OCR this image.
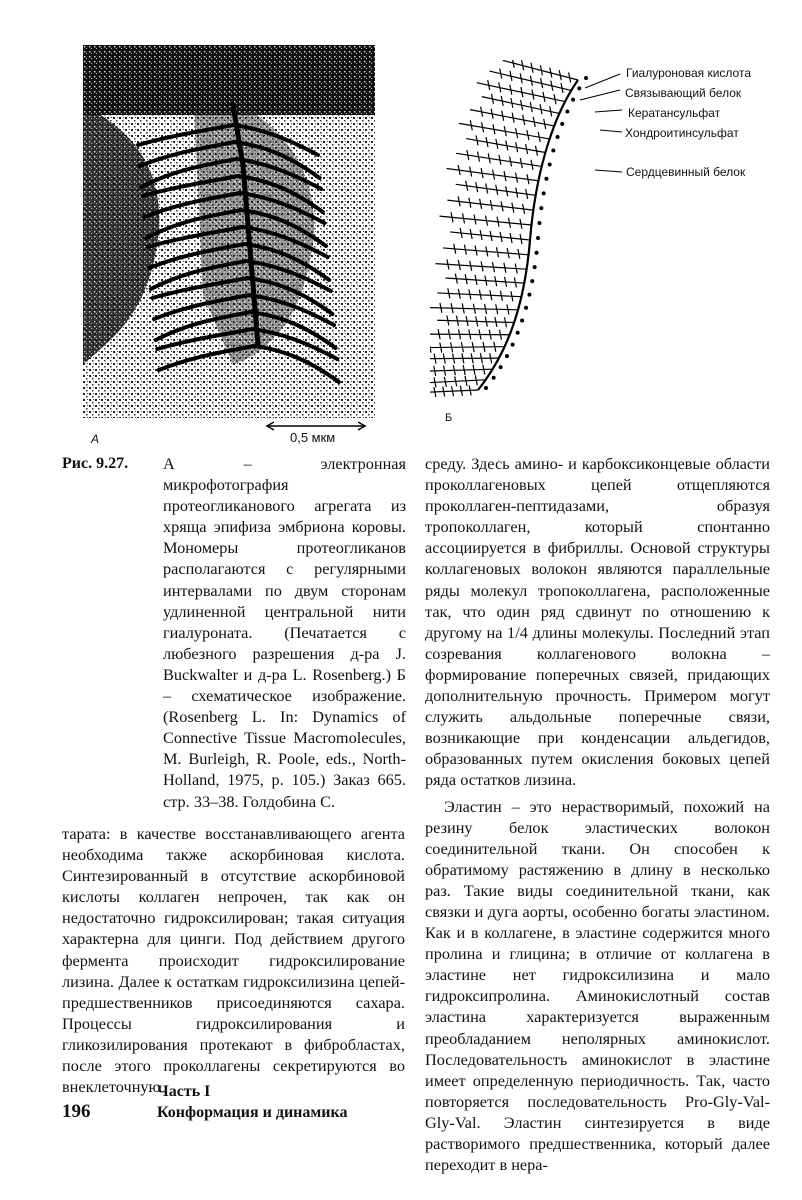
А	0,5 мкм
Гиалуроновая кислота
Связывающий белок
Кератансульфат
Хондроитинсульфат
Сердцевинный белок
Б
Рис. 9.27.	А – электронная микрофотография протеогликанового агрегата из хряща эпифиза эмбриона коровы. Мономеры протеогликанов располагаются с регулярными интервалами по двум сторонам удлиненной центральной нити гиалуроната. (Печатается с любезного разрешения д-ра J. Buckwalter и д-ра L. Rosenberg.) Б – схематическое изображение. (Rosenberg L. In: Dynamics of Connective Tissue Macromolecules, M. Burleigh, R. Poole, eds., North-Holland, 1975, p. 105.) Заказ 665. стр. 33–38. Голдобина С.

тарата: в качестве восстанавливающего агента необходима также аскорбиновая кислота. Синтезированный в отсутствие аскорбиновой кислоты коллаген непрочен, так как он недостаточно гидроксилирован; такая ситуация характерна для цинги. Под действием другого фермента происходит гидроксилирование лизина. Далее к остаткам гидроксилизина цепей-предшественников присоединяются сахара. Процессы гидроксилирования и гликозилирования протекают в фибробластах, после этого проколлагены секретируются во внеклеточную

среду. Здесь амино- и карбоксиконцевые области проколлагеновых цепей отщепляются проколлаген-пептидазами, образуя тропоколлаген, который спонтанно ассоциируется в фибриллы. Основой структуры коллагеновых волокон являются параллельные ряды молекул тропоколлагена, расположенные так, что один ряд сдвинут по отношению к другому на 1/4 длины молекулы. Последний этап созревания коллагенового волокна – формирование поперечных связей, придающих дополнительную прочность. Примером могут служить альдольные поперечные связи, возникающие при конденсации альдегидов, образованных путем окисления боковых цепей ряда остатков лизина.

Эластин – это нерастворимый, похожий на резину белок эластических волокон соединительной ткани. Он способен к обратимому растяжению в длину в несколько раз. Такие виды соединительной ткани, как связки и дуга аорты, особенно богаты эластином. Как и в коллагене, в эластине содержится много пролина и глицина; в отличие от коллагена в эластине нет гидроксилизина и мало гидроксипролина. Аминокислотный состав эластина характеризуется выраженным преобладанием неполярных аминокислот. Последовательность аминокислот в эластине имеет определенную периодичность. Так, часто повторяется последовательность Pro-Gly-Val-Gly-Val. Эластин синтезируется в виде растворимого предшественника, который далее переходит в нера-

196
Часть I
Конформация и динамика
